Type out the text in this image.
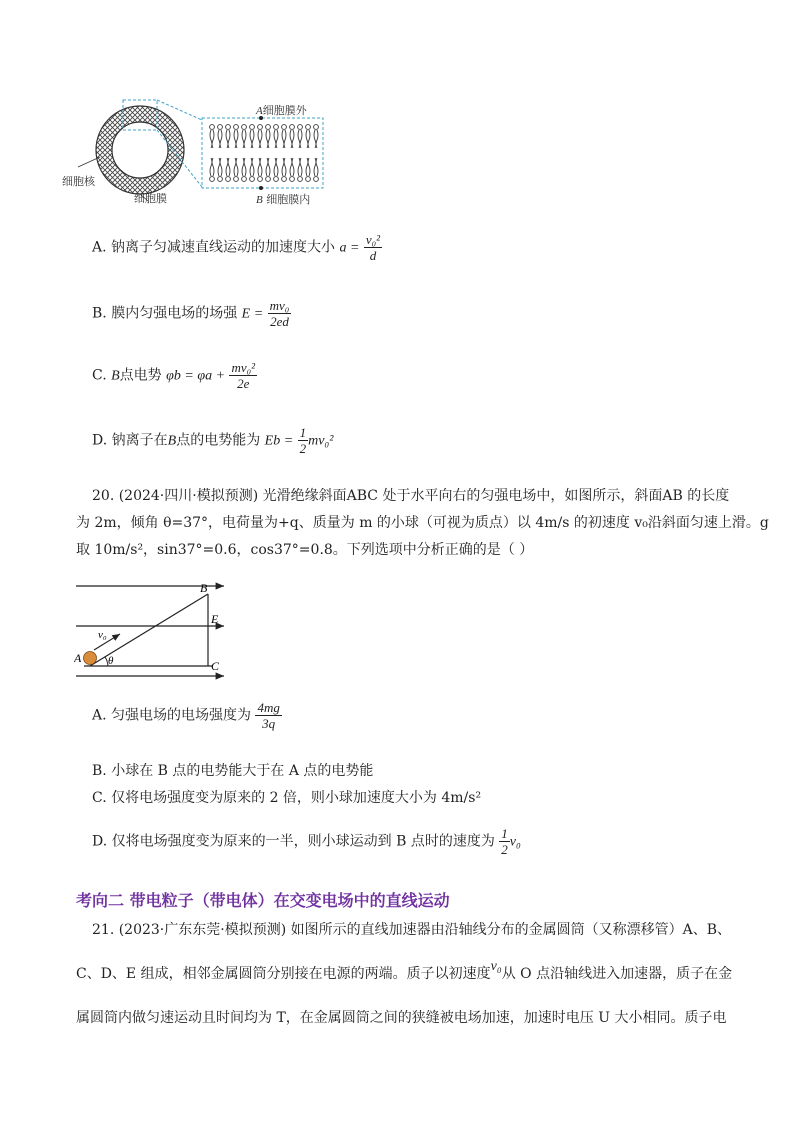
A细胞膜外
B 细胞膜内
细胞核
细胞膜
A. 钠离子匀减速直线运动的加速度大小 $a = \frac{\text{v₀²}}{d}$
B. 膜内匀强电场的场强 $E = \frac{\text{mv₀}}{2ed}$
C. B点电势 $\varphi b = \varphi a + \frac{\text{mv₀²}}{2e}$
D. 钠离子在B点的电势能为 $Eb = \frac{1}{2} mv_0^2$
20. (2024·四川·模拟预测) 光滑绝缘斜面ABC 处于水平向右的匀强电场中，如图所示，斜面AB 的长度
为 2m，倾角 θ=37°，电荷量为+q、质量为 m 的小球（可视为质点）以 4m/s 的初速度 v₀沿斜面匀速上滑。g
取 10m/s²，sin37°=0.6，cos37°=0.8。下列选项中分析正确的是（ ）
B
E
v₀
A θ	C
A. 匀强电场的电场强度为 $\frac{4mg}{3q}$
B. 小球在 B 点的电势能大于在 A 点的电势能
C. 仅将电场强度变为原来的 2 倍，则小球加速度大小为 4m/s²
D. 仅将电场强度变为原来的一半，则小球运动到 B 点时的速度为 $\frac{1}{2} v_0$
考向二 带电粒子（带电体）在交变电场中的直线运动
21. (2023·广东东莞·模拟预测) 如图所示的直线加速器由沿轴线分布的金属圆筒（又称漂移管）A、B、
C、D、E 组成，相邻金属圆筒分别接在电源的两端。质子以初速度v₀从 O 点沿轴线进入加速器，质子在金
属圆筒内做匀速运动且时间均为 T，在金属圆筒之间的狭缝被电场加速，加速时电压 U 大小相同。质子电
